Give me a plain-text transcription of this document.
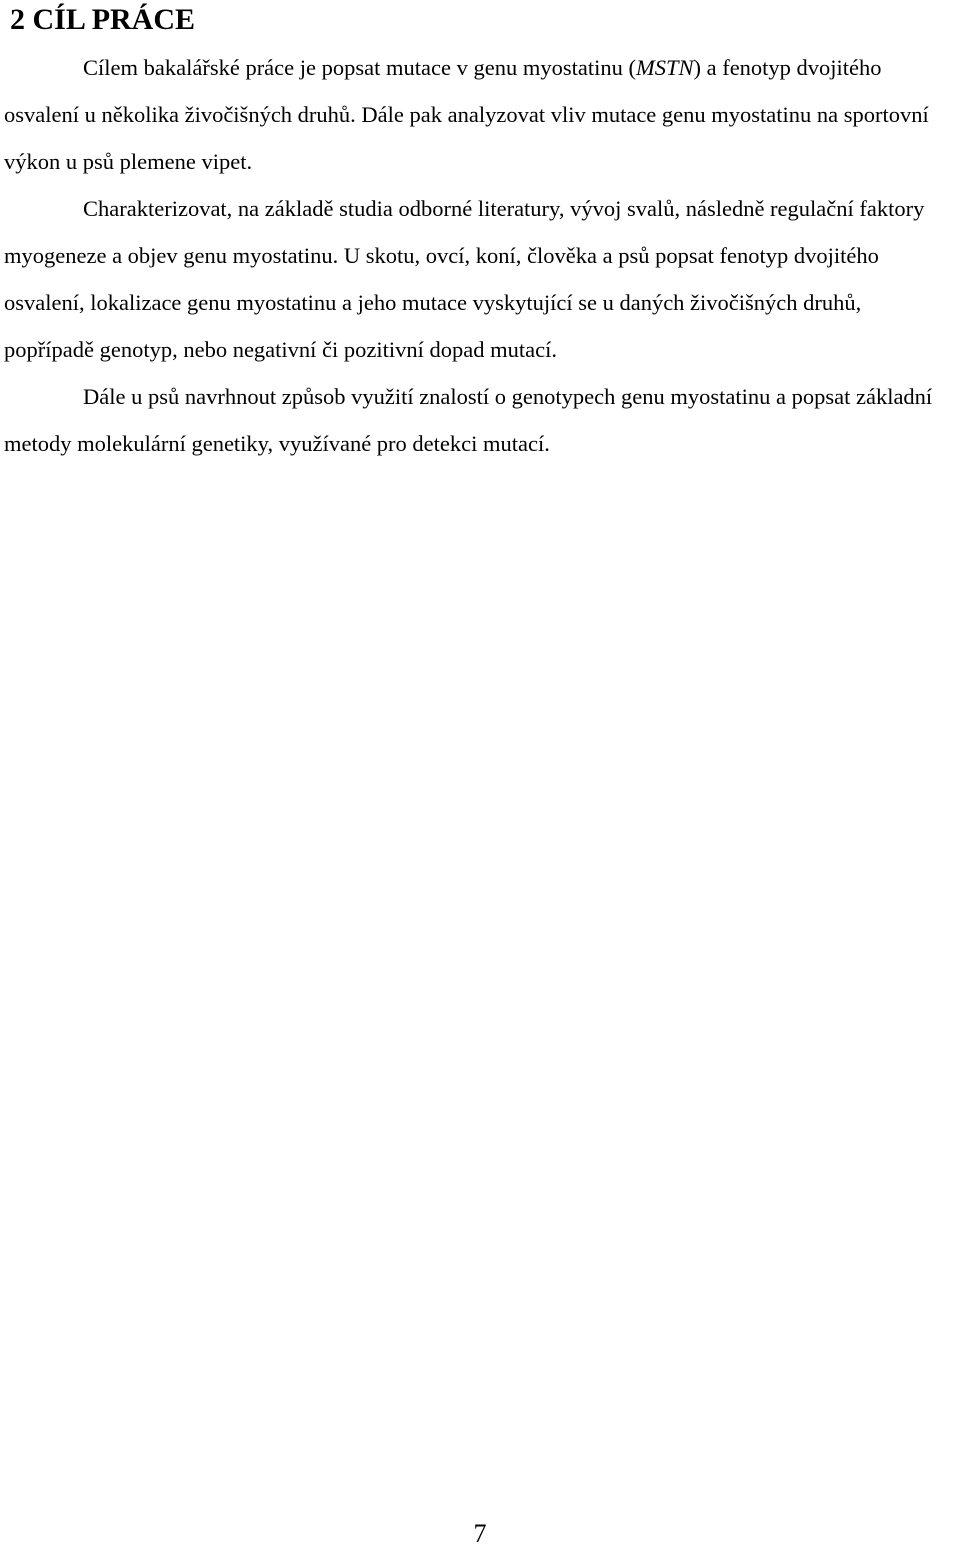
2 CÍL PRÁCE

Cílem bakalářské práce je popsat mutace v genu myostatinu (MSTN) a fenotyp dvojitého osvalení u několika živočišných druhů. Dále pak analyzovat vliv mutace genu myostatinu na sportovní výkon u psů plemene vipet.

Charakterizovat, na základě studia odborné literatury, vývoj svalů, následně regulační faktory myogeneze a objev genu myostatinu. U skotu, ovcí, koní, člověka a psů popsat fenotyp dvojitého osvalení, lokalizace genu myostatinu a jeho mutace vyskytující se u daných živočišných druhů, popřípadě genotyp, nebo negativní či pozitivní dopad mutací.

Dále u psů navrhnout způsob využití znalostí o genotypech genu myostatinu a popsat základní metody molekulární genetiky, využívané pro detekci mutací.

7
